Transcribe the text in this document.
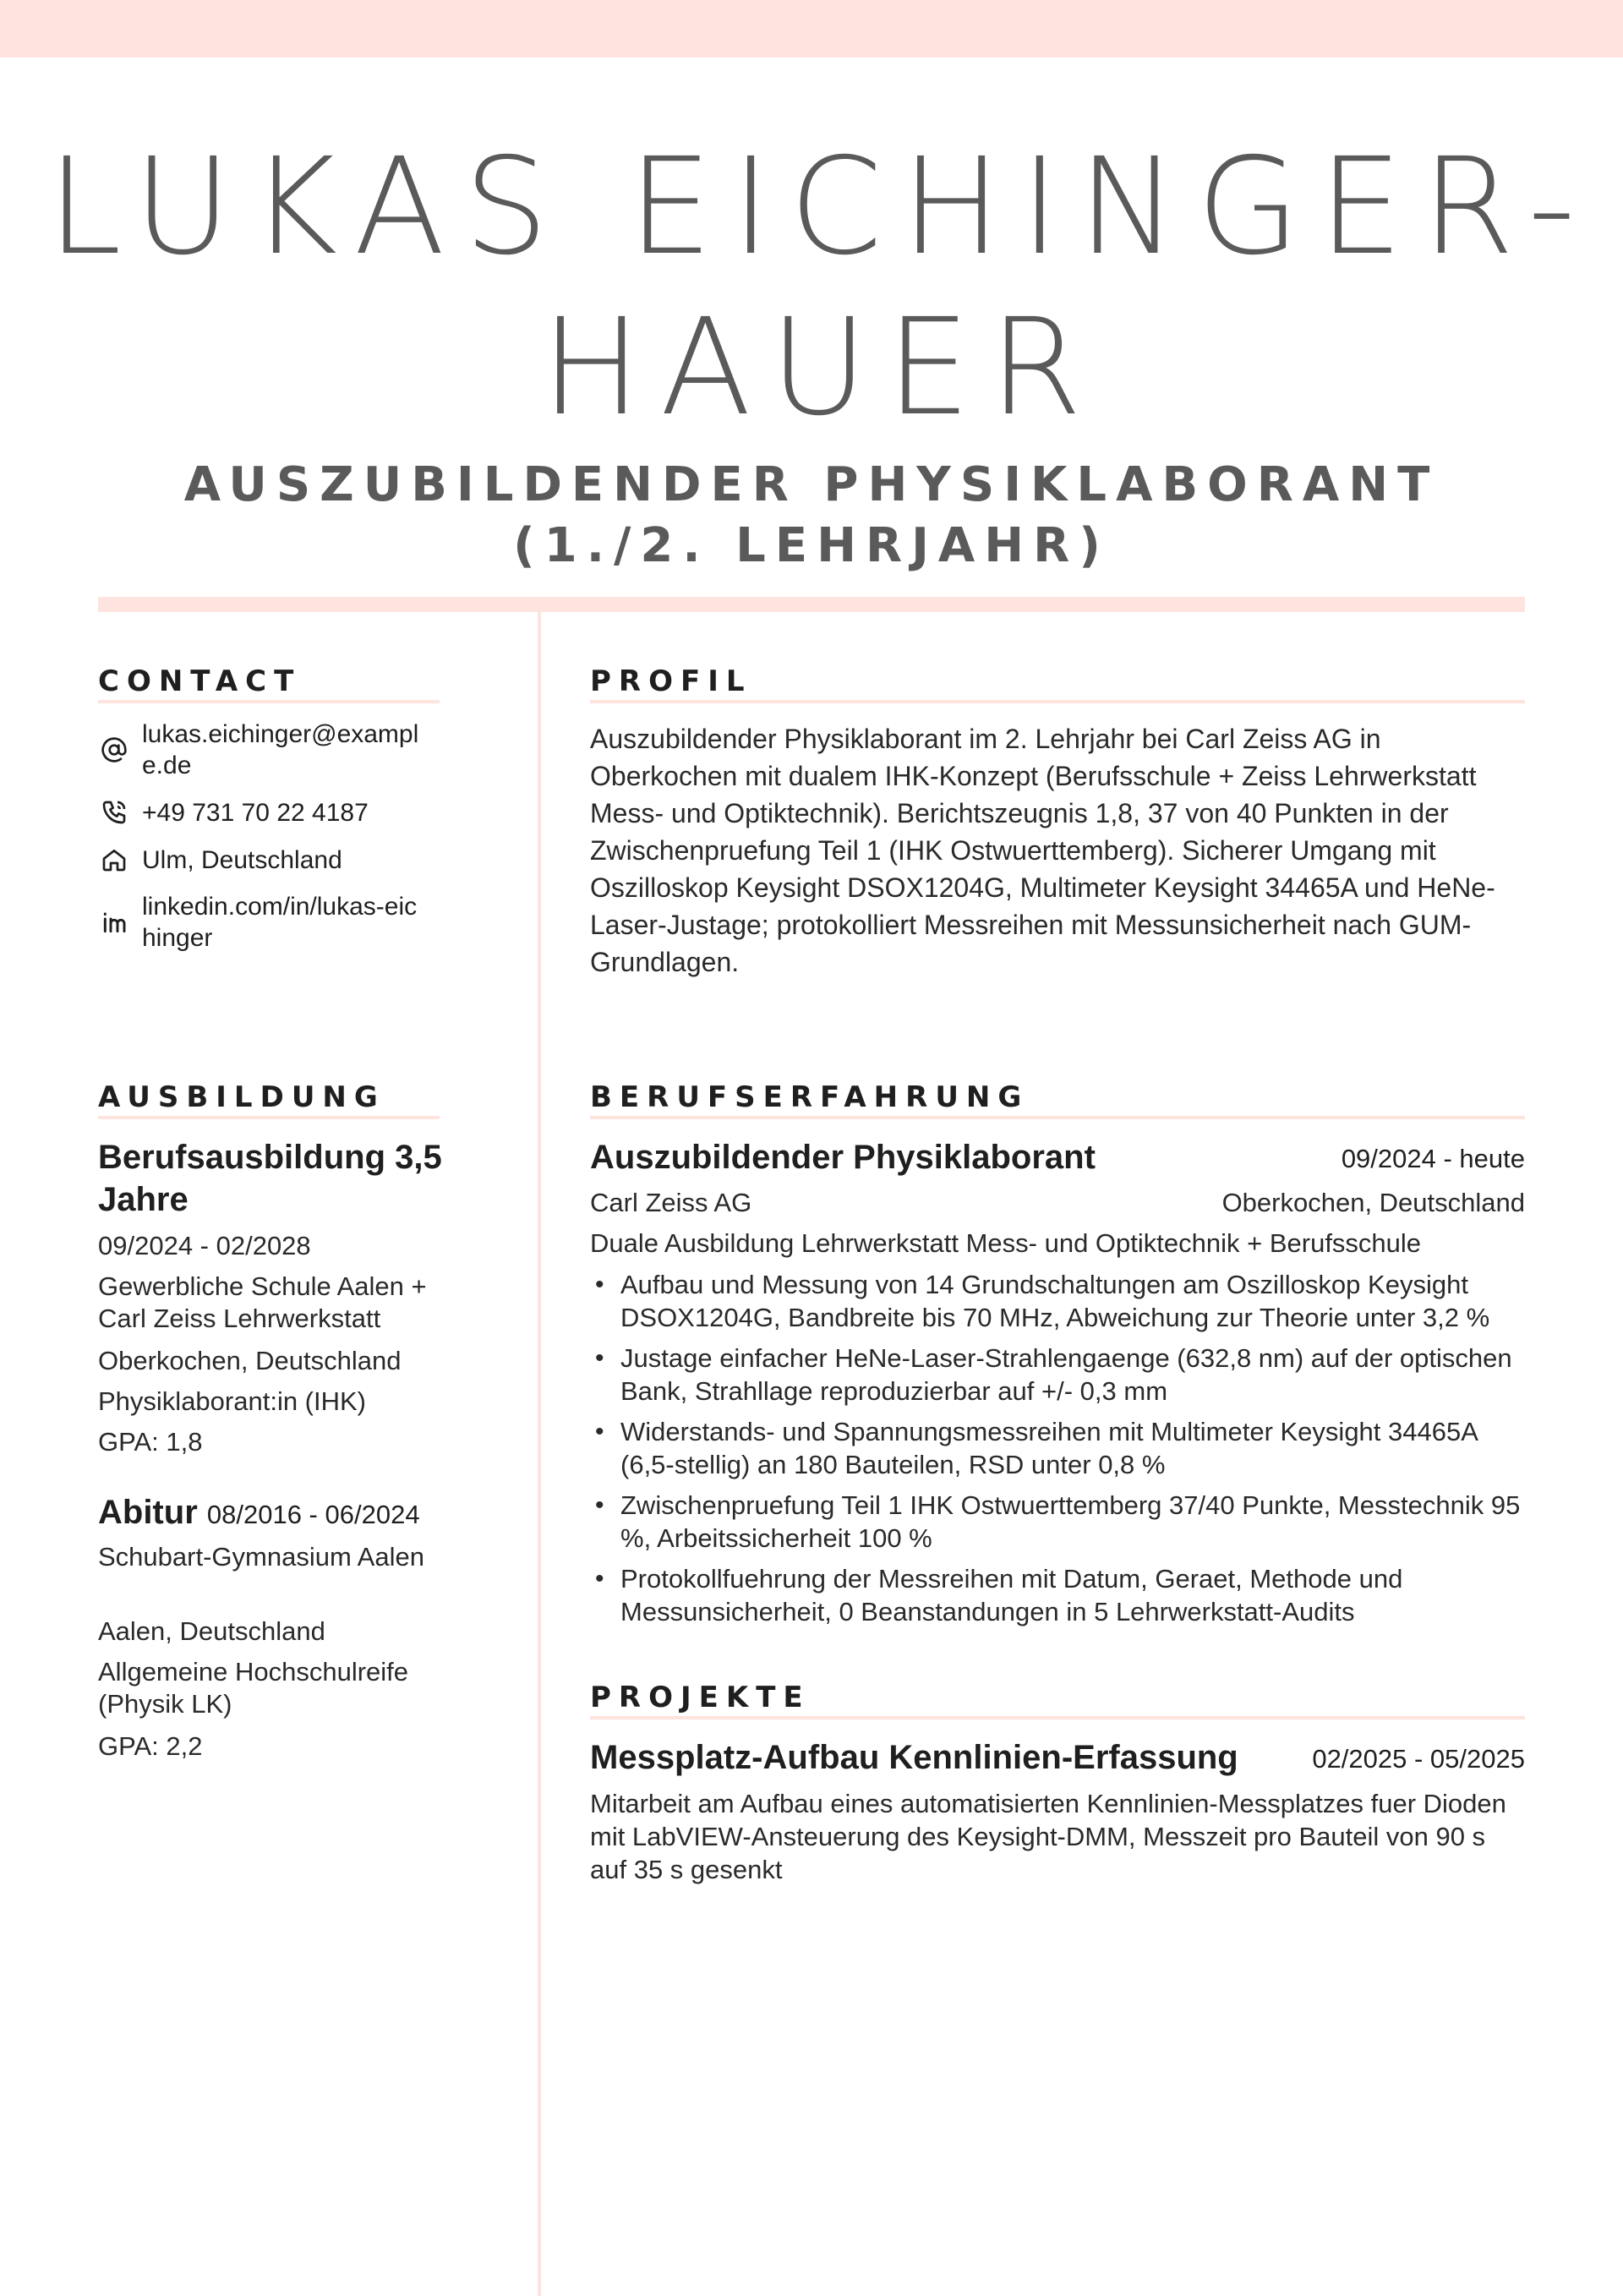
LUKAS EICHINGER-
HAUER
AUSZUBILDENDER PHYSIKLABORANT (1./2. LEHRJAHR)
CONTACT
lukas.eichinger@example.de
+49 731 70 22 4187
Ulm, Deutschland
linkedin.com/in/lukas-eichinger
AUSBILDUNG
Berufsausbildung 3,5 Jahre
09/2024 - 02/2028
Gewerbliche Schule Aalen + Carl Zeiss Lehrwerkstatt
Oberkochen, Deutschland
Physiklaborant:in (IHK)
GPA: 1,8
Abitur 08/2016 - 06/2024
Schubart-Gymnasium Aalen
Aalen, Deutschland
Allgemeine Hochschulreife (Physik LK)
GPA: 2,2
PROFIL
Auszubildender Physiklaborant im 2. Lehrjahr bei Carl Zeiss AG in Oberkochen mit dualem IHK-Konzept (Berufsschule + Zeiss Lehrwerkstatt Mess- und Optiktechnik). Berichtszeugnis 1,8, 37 von 40 Punkten in der Zwischenpruefung Teil 1 (IHK Ostwuerttemberg). Sicherer Umgang mit Oszilloskop Keysight DSOX1204G, Multimeter Keysight 34465A und HeNe-Laser-Justage; protokolliert Messreihen mit Messunsicherheit nach GUM-Grundlagen.
BERUFSERFAHRUNG
Auszubildender Physiklaborant	09/2024 - heute
Carl Zeiss AG	Oberkochen, Deutschland
Duale Ausbildung Lehrwerkstatt Mess- und Optiktechnik + Berufsschule
• Aufbau und Messung von 14 Grundschaltungen am Oszilloskop Keysight DSOX1204G, Bandbreite bis 70 MHz, Abweichung zur Theorie unter 3,2 %
• Justage einfacher HeNe-Laser-Strahlengaenge (632,8 nm) auf der optischen Bank, Strahllage reproduzierbar auf +/- 0,3 mm
• Widerstands- und Spannungsmessreihen mit Multimeter Keysight 34465A (6,5-stellig) an 180 Bauteilen, RSD unter 0,8 %
• Zwischenpruefung Teil 1 IHK Ostwuerttemberg 37/40 Punkte, Messtechnik 95 %, Arbeitssicherheit 100 %
• Protokollfuehrung der Messreihen mit Datum, Geraet, Methode und Messunsicherheit, 0 Beanstandungen in 5 Lehrwerkstatt-Audits
PROJEKTE
Messplatz-Aufbau Kennlinien-Erfassung	02/2025 - 05/2025
Mitarbeit am Aufbau eines automatisierten Kennlinien-Messplatzes fuer Dioden mit LabVIEW-Ansteuerung des Keysight-DMM, Messzeit pro Bauteil von 90 s auf 35 s gesenkt
